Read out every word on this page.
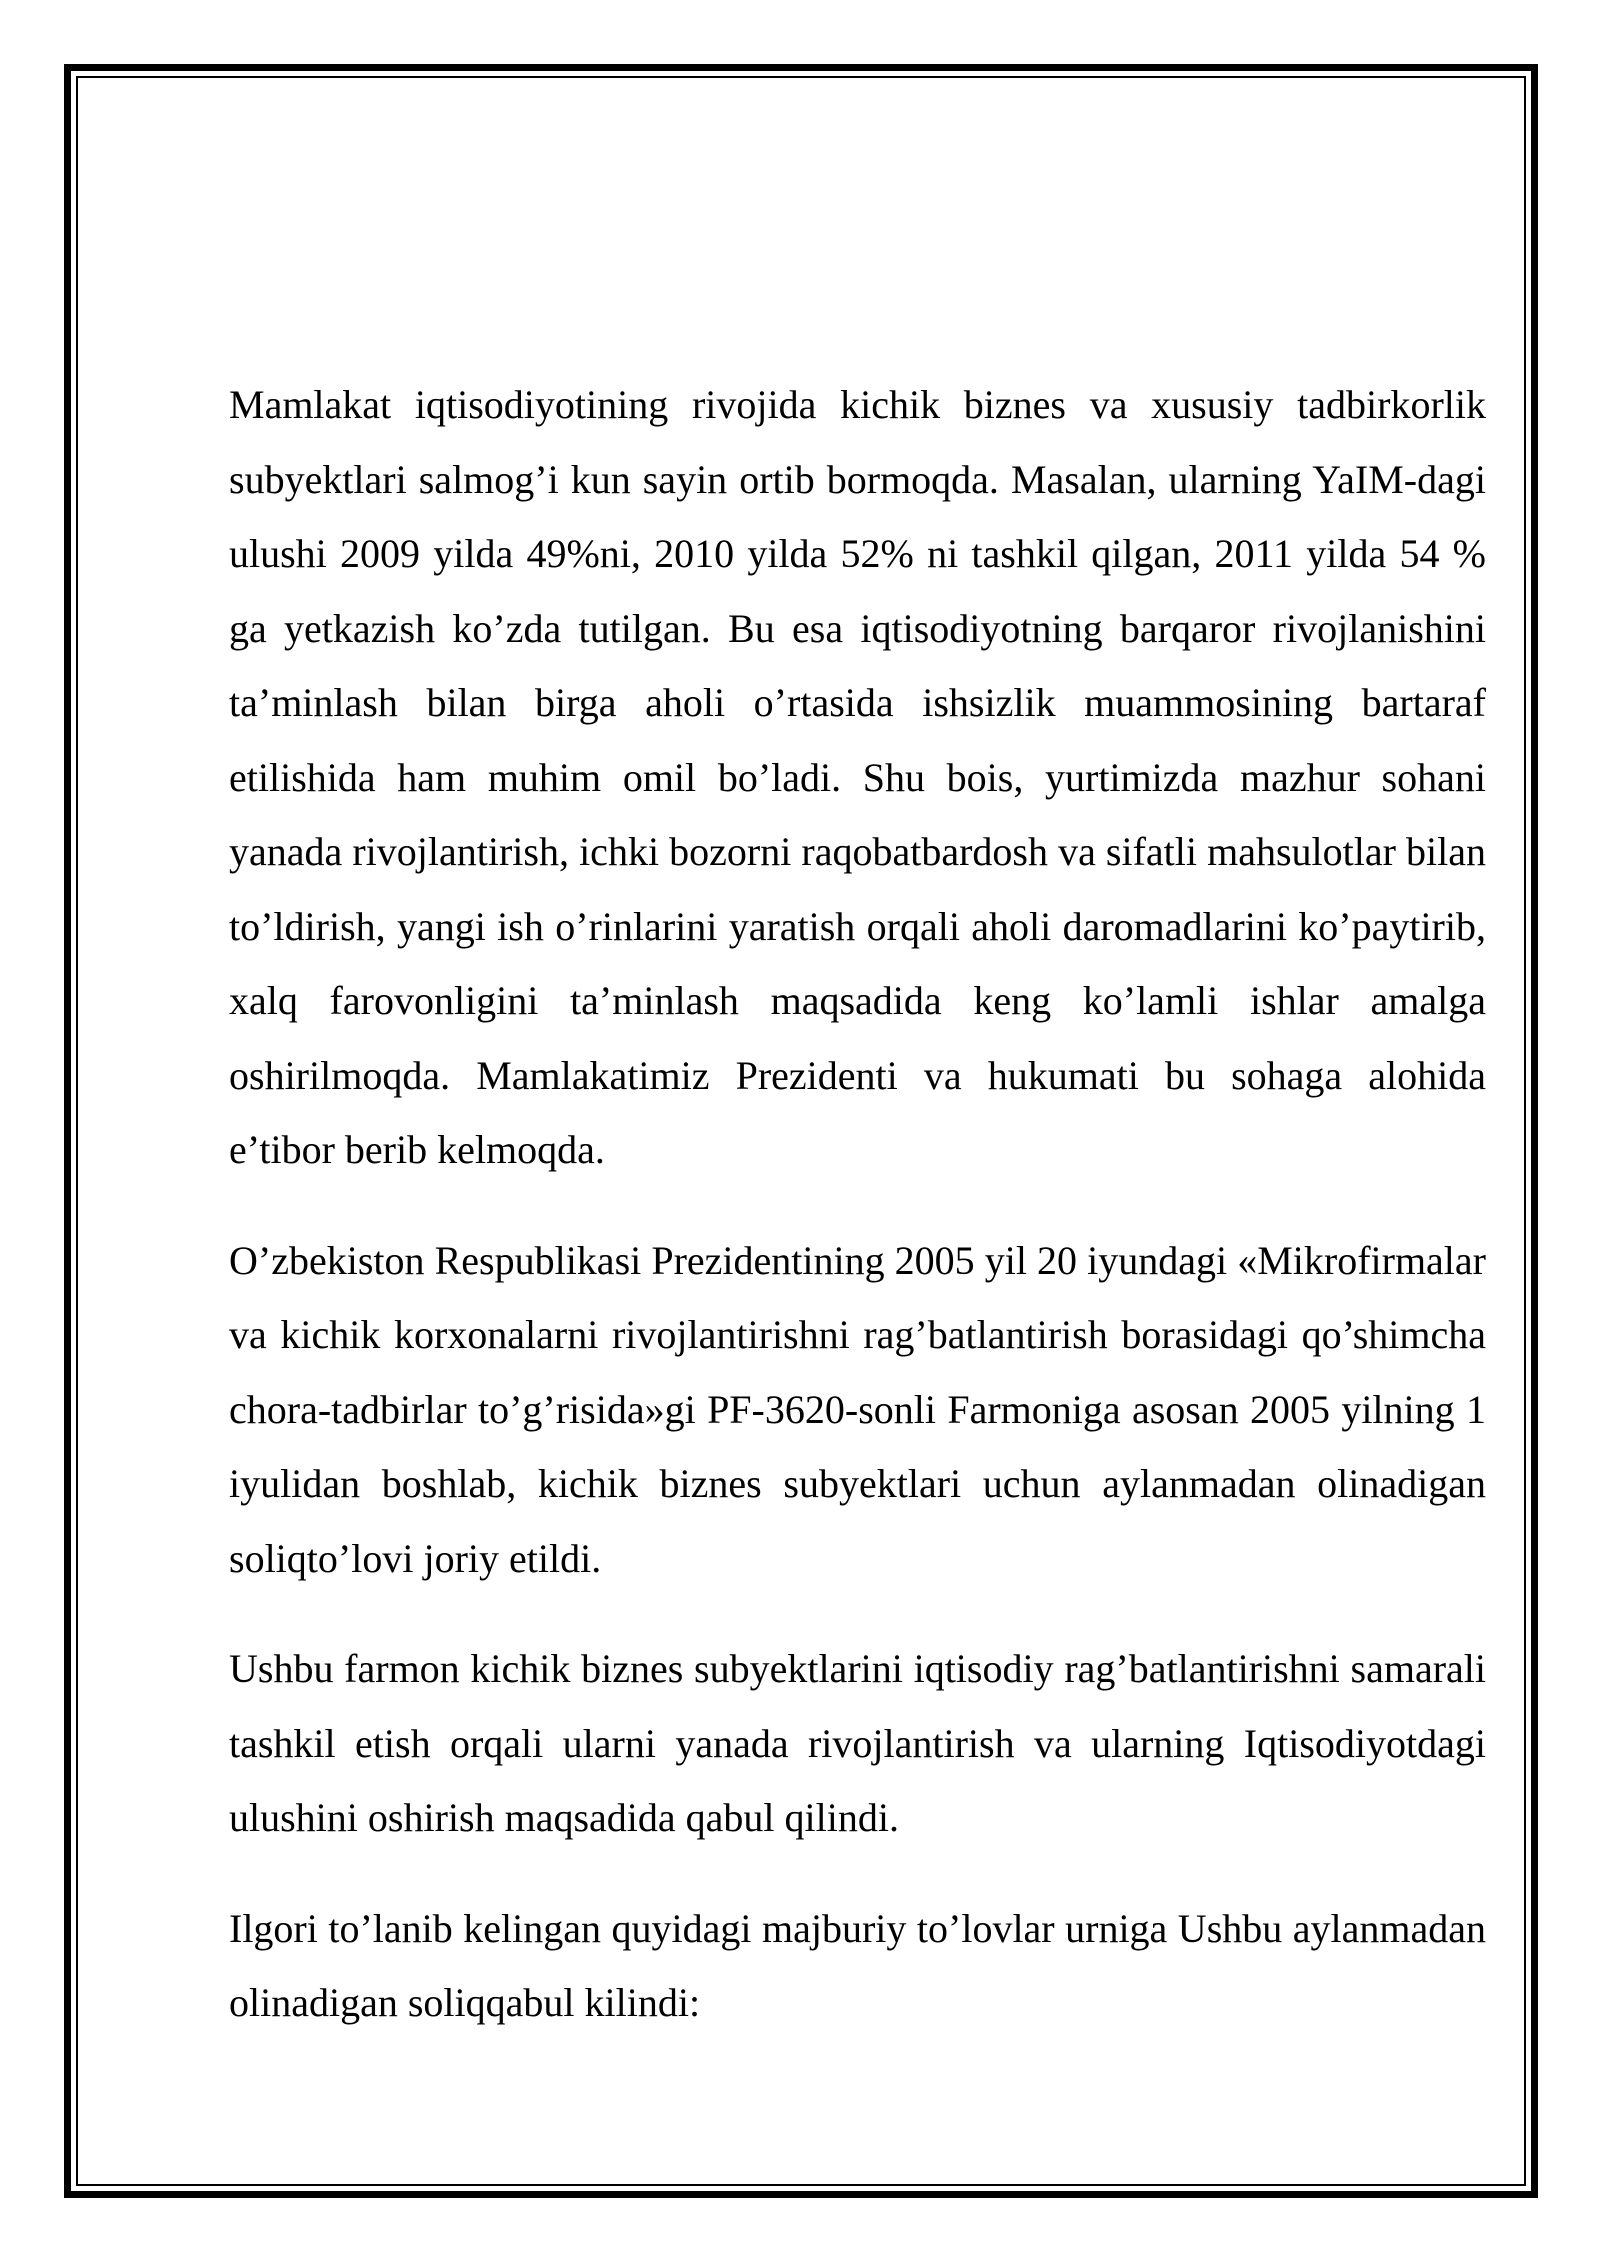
Mamlakat iqtisodiyotining rivojida kichik biznes va xususiy tadbirkorlik subyektlari salmog’i kun sayin ortib bormoqda. Masalan, ularning YaIM-dagi ulushi 2009 yilda 49%ni, 2010 yilda 52% ni tashkil qilgan, 2011 yilda 54 % ga yetkazish ko’zda tutilgan. Bu esa iqtisodiyotning barqaror rivojlanishini ta’minlash bilan birga aholi o’rtasida ishsizlik muammosining bartaraf etilishida ham muhim omil bo’ladi. Shu bois, yurtimizda mazhur sohani yanada rivojlantirish, ichki bozorni raqobatbardosh va sifatli mahsulotlar bilan to’ldirish, yangi ish o’rinlarini yaratish orqali aholi daromadlarini ko’paytirib, xalq farovonligini ta’minlash maqsadida keng ko’lamli ishlar amalga oshirilmoqda. Mamlakatimiz Prezidenti va hukumati bu sohaga alohida e’tibor berib kelmoqda.

O’zbekiston Respublikasi Prezidentining 2005 yil 20 iyundagi «Mikrofirmalar va kichik korxonalarni rivojlantirishni rag’batlantirish borasidagi qo’shimcha chora-tadbirlar to’g’risida»gi PF-3620-sonli Farmoniga asosan 2005 yilning 1 iyulidan boshlab, kichik biznes subyektlari uchun aylanmadan olinadigan soliqto’lovi joriy etildi.

Ushbu farmon kichik biznes subyektlarini iqtisodiy rag’batlantirishni samarali tashkil etish orqali ularni yanada rivojlantirish va ularning Iqtisodiyotdagi ulushini oshirish maqsadida qabul qilindi.

Ilgori to’lanib kelingan quyidagi majburiy to’lovlar urniga Ushbu aylanmadan olinadigan soliqqabul kilindi:
